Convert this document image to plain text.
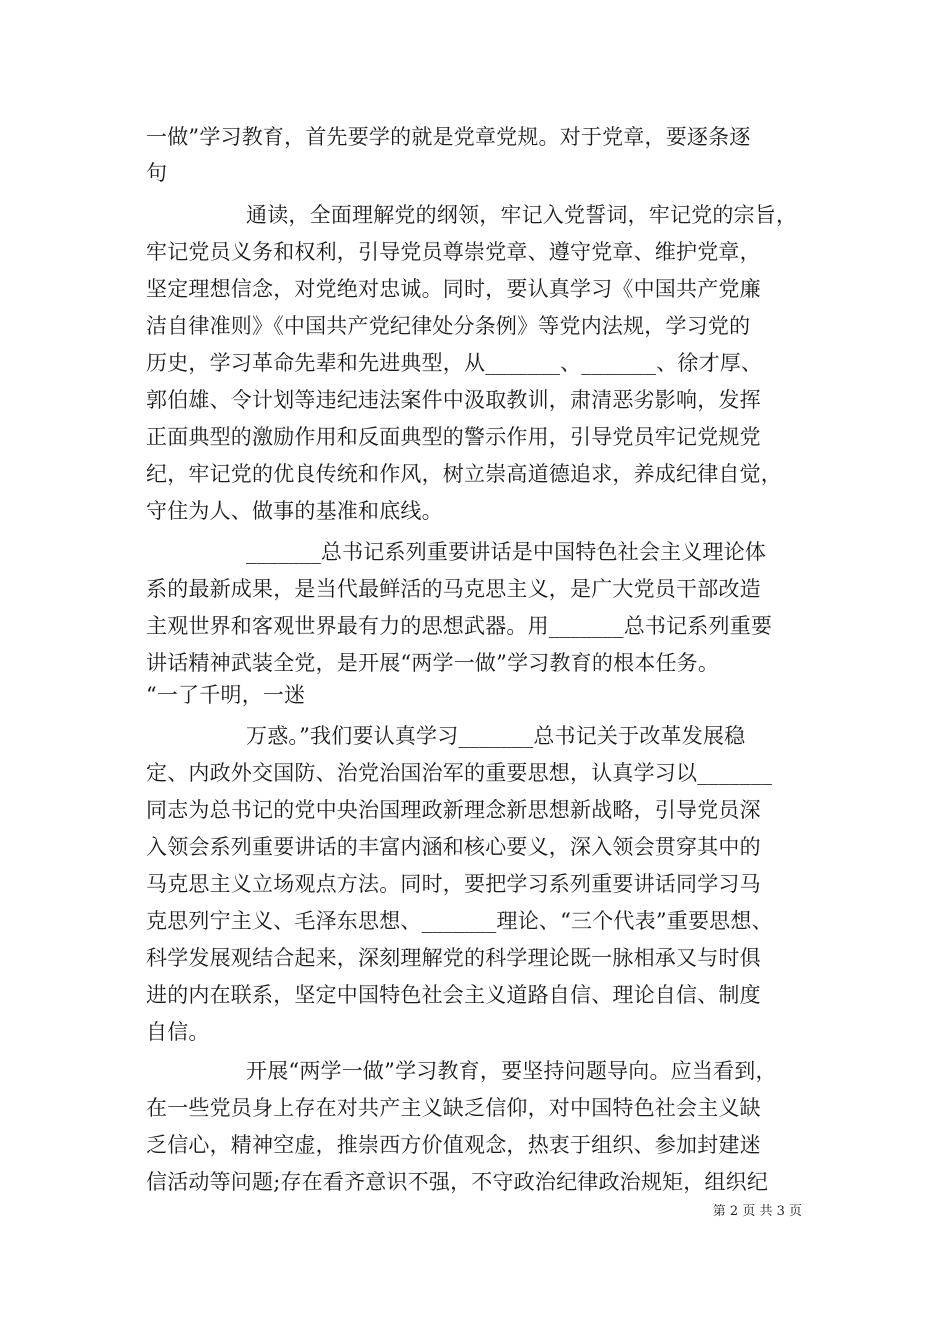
一做”学习教育，首先要学的就是党章党规。对于党章，要逐条逐
句
通读，全面理解党的纲领，牢记入党誓词，牢记党的宗旨，
牢记党员义务和权利，引导党员尊崇党章、遵守党章、维护党章，
坚定理想信念，对党绝对忠诚。同时，要认真学习《中国共产党廉
洁自律准则》《中国共产党纪律处分条例》等党内法规，学习党的
历史，学习革命先辈和先进典型，从_______、_______、徐才厚、
郭伯雄、令计划等违纪违法案件中汲取教训，肃清恶劣影响，发挥
正面典型的激励作用和反面典型的警示作用，引导党员牢记党规党
纪，牢记党的优良传统和作风，树立崇高道德追求，养成纪律自觉，
守住为人、做事的基准和底线。
_______总书记系列重要讲话是中国特色社会主义理论体
系的最新成果，是当代最鲜活的马克思主义，是广大党员干部改造
主观世界和客观世界最有力的思想武器。用_______总书记系列重要
讲话精神武装全党，是开展“两学一做”学习教育的根本任务。
“一了千明，一迷
万惑。”我们要认真学习_______总书记关于改革发展稳
定、内政外交国防、治党治国治军的重要思想，认真学习以_______
同志为总书记的党中央治国理政新理念新思想新战略，引导党员深
入领会系列重要讲话的丰富内涵和核心要义，深入领会贯穿其中的
马克思主义立场观点方法。同时，要把学习系列重要讲话同学习马
克思列宁主义、毛泽东思想、_______理论、“三个代表”重要思想、
科学发展观结合起来，深刻理解党的科学理论既一脉相承又与时俱
进的内在联系，坚定中国特色社会主义道路自信、理论自信、制度
自信。
开展“两学一做”学习教育，要坚持问题导向。应当看到，
在一些党员身上存在对共产主义缺乏信仰，对中国特色社会主义缺
乏信心，精神空虚，推崇西方价值观念，热衷于组织、参加封建迷
信活动等问题;存在看齐意识不强，不守政治纪律政治规矩，组织纪
第 2 页 共 3 页
